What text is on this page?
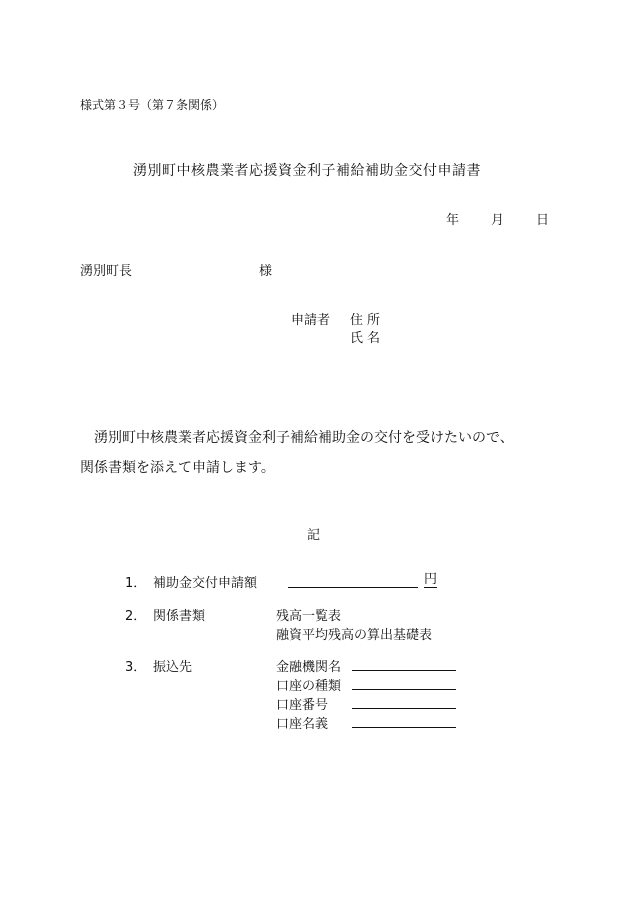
様式第３号（第７条関係）
湧別町中核農業者応援資金利子補給補助金交付申請書
年 月 日
湧別町長	様
申請者 住所
氏名

　湧別町中核農業者応援資金利子補給補助金の交付を受けたいので、

関係書類を添えて申請します。

記
1． 補助金交付申請額	円
2． 関係書類	残高一覧表
融資平均残高の算出基礎表
3． 振込先	金融機関名
口座の種類
口座番号
口座名義
